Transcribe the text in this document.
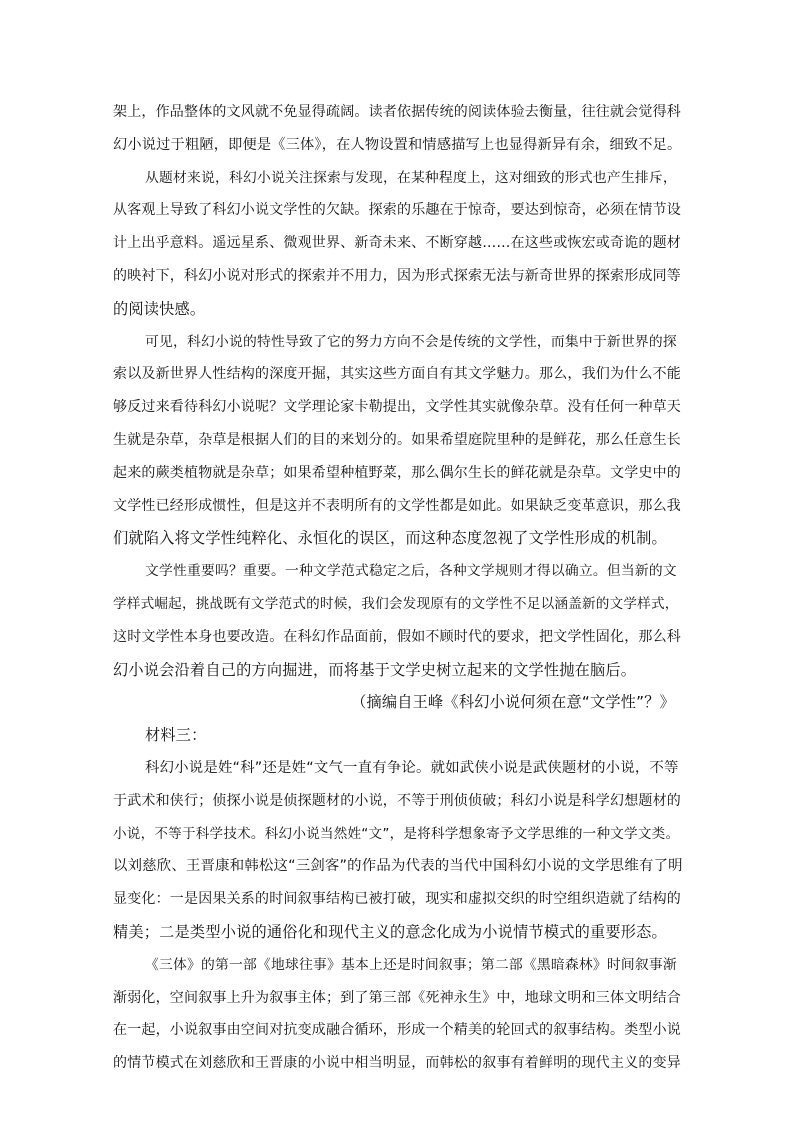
架上，作品整体的文风就不免显得疏阔。读者依据传统的阅读体验去衡量，往往就会觉得科
幻小说过于粗陋，即便是《三体》，在人物设置和情感描写上也显得新异有余，细致不足。
从题材来说，科幻小说关注探索与发现，在某种程度上，这对细致的形式也产生排斥，
从客观上导致了科幻小说文学性的欠缺。探索的乐趣在于惊奇，要达到惊奇，必须在情节设
计上出乎意料。遥远星系、微观世界、新奇未来、不断穿越……在这些或恢宏或奇诡的题材
的映衬下，科幻小说对形式的探索并不用力，因为形式探索无法与新奇世界的探索形成同等
的阅读快感。
可见，科幻小说的特性导致了它的努力方向不会是传统的文学性，而集中于新世界的探
索以及新世界人性结构的深度开掘，其实这些方面自有其文学魅力。那么，我们为什么不能
够反过来看待科幻小说呢？文学理论家卡勒提出，文学性其实就像杂草。没有任何一种草天
生就是杂草，杂草是根据人们的目的来划分的。如果希望庭院里种的是鲜花，那么任意生长
起来的蕨类植物就是杂草；如果希望种植野菜，那么偶尔生长的鲜花就是杂草。文学史中的
文学性已经形成惯性，但是这并不表明所有的文学性都是如此。如果缺乏变革意识，那么我
们就陷入将文学性纯粹化、永恒化的误区，而这种态度忽视了文学性形成的机制。
文学性重要吗？重要。一种文学范式稳定之后，各种文学规则才得以确立。但当新的文
学样式崛起，挑战既有文学范式的时候，我们会发现原有的文学性不足以涵盖新的文学样式，
这时文学性本身也要改造。在科幻作品面前，假如不顾时代的要求，把文学性固化，那么科
幻小说会沿着自己的方向掘进，而将基于文学史树立起来的文学性抛在脑后。
（摘编自王峰《科幻小说何须在意“文学性”？》
材料三：
科幻小说是姓“科”还是姓“文气一直有争论。就如武侠小说是武侠题材的小说，不等
于武术和侠行；侦探小说是侦探题材的小说，不等于刑侦侦破；科幻小说是科学幻想题材的
小说，不等于科学技术。科幻小说当然姓“文”，是将科学想象寄予文学思维的一种文学文类。
以刘慈欣、王晋康和韩松这“三剑客”的作品为代表的当代中国科幻小说的文学思维有了明
显变化：一是因果关系的时间叙事结构已被打破，现实和虚拟交织的时空组织造就了结构的
精美；二是类型小说的通俗化和现代主义的意念化成为小说情节模式的重要形态。
《三体》的第一部《地球往事》基本上还是时间叙事；第二部《黑暗森林》时间叙事渐
渐弱化，空间叙事上升为叙事主体；到了第三部《死神永生》中，地球文明和三体文明结合
在一起，小说叙事由空间对抗变成融合循环，形成一个精美的轮回式的叙事结构。类型小说
的情节模式在刘慈欣和王晋康的小说中相当明显，而韩松的叙事有着鲜明的现代主义的变异
